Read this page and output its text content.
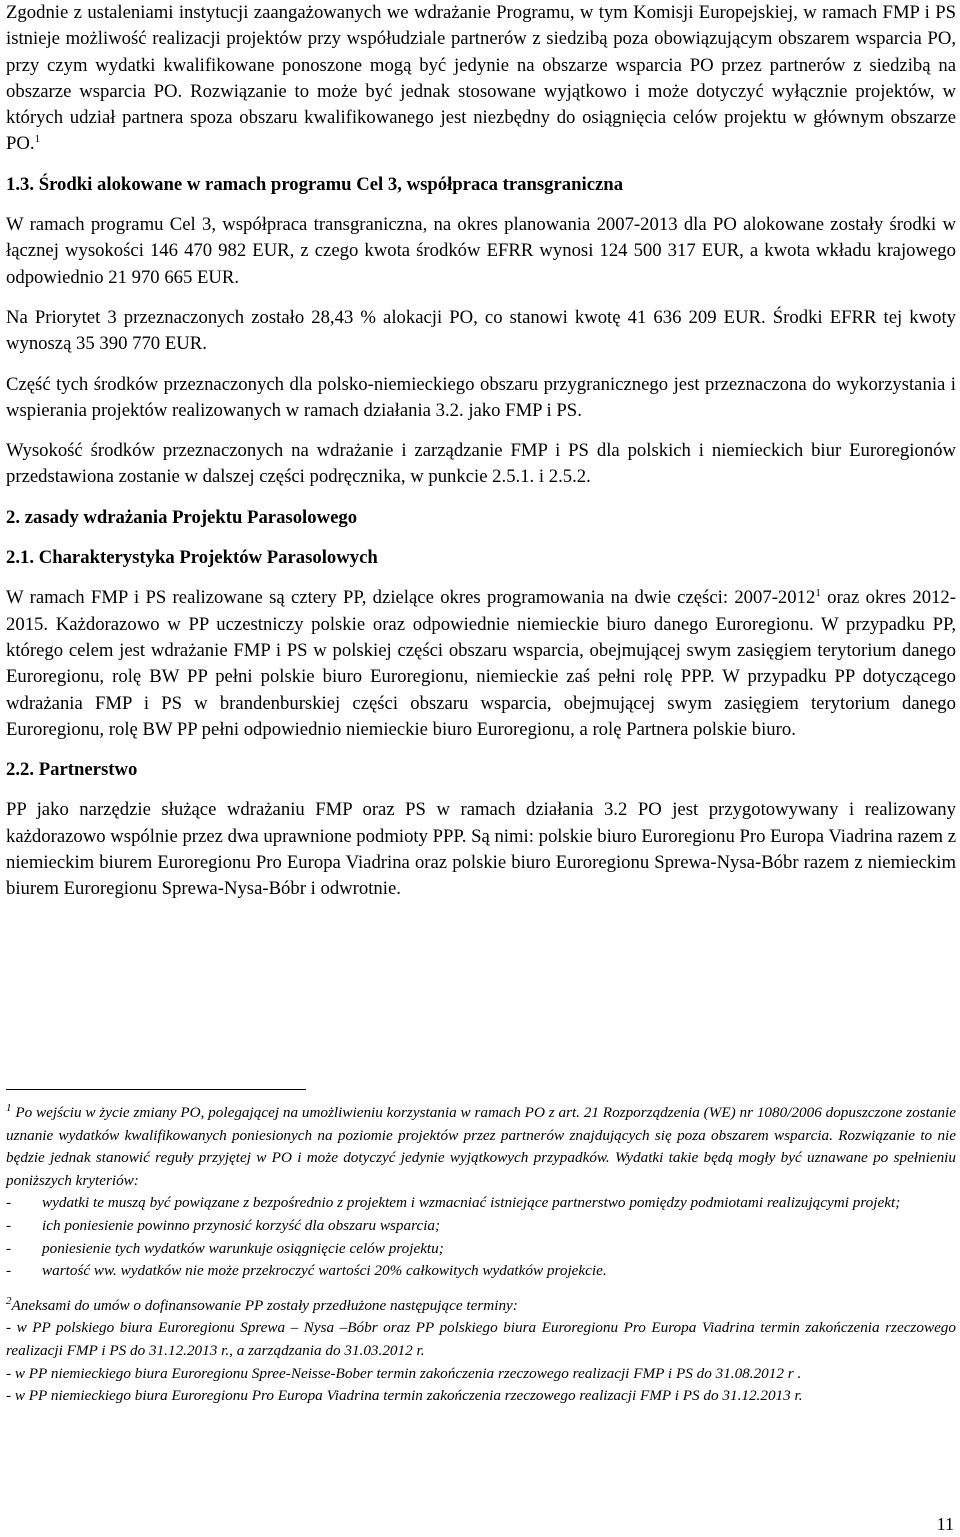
Zgodnie z ustaleniami instytucji zaangażowanych we wdrażanie Programu, w tym Komisji Europejskiej, w ramach FMP i PS istnieje możliwość realizacji projektów przy współudziale partnerów z siedzibą poza obowiązującym obszarem wsparcia PO, przy czym wydatki kwalifikowane ponoszone mogą być jedynie na obszarze wsparcia PO przez partnerów z siedzibą na obszarze wsparcia PO. Rozwiązanie to może być jednak stosowane wyjątkowo i może dotyczyć wyłącznie projektów, w których udział partnera spoza obszaru kwalifikowanego jest niezbędny do osiągnięcia celów projektu w głównym obszarze PO.$^1$

1.3. Środki alokowane w ramach programu Cel 3, współpraca transgraniczna

W ramach programu Cel 3, współpraca transgraniczna, na okres planowania 2007-2013 dla PO alokowane zostały środki w łącznej wysokości 146 470 982 EUR, z czego kwota środków EFRR wynosi 124 500 317 EUR, a kwota wkładu krajowego odpowiednio 21 970 665 EUR.

Na Priorytet 3 przeznaczonych zostało 28,43 % alokacji PO, co stanowi kwotę 41 636 209 EUR. Środki EFRR tej kwoty wynoszą 35 390 770 EUR.

Część tych środków przeznaczonych dla polsko-niemieckiego obszaru przygranicznego jest przeznaczona do wykorzystania i wspierania projektów realizowanych w ramach działania 3.2. jako FMP i PS.

Wysokość środków przeznaczonych na wdrażanie i zarządzanie FMP i PS dla polskich i niemieckich biur Euroregionów przedstawiona zostanie w dalszej części podręcznika, w punkcie 2.5.1. i 2.5.2.

2. zasady wdrażania Projektu Parasolowego
2.1. Charakterystyka Projektów Parasolowych

W ramach FMP i PS realizowane są cztery PP, dzielące okres programowania na dwie części: 2007-2012$^1$ oraz okres 2012-2015. Każdorazowo w PP uczestniczy polskie oraz odpowiednie niemieckie biuro danego Euroregionu. W przypadku PP, którego celem jest wdrażanie FMP i PS w polskiej części obszaru wsparcia, obejmującej swym zasięgiem terytorium danego Euroregionu, rolę BW PP pełni polskie biuro Euroregionu, niemieckie zaś pełni rolę PPP. W przypadku PP dotyczącego wdrażania FMP i PS w brandenburskiej części obszaru wsparcia, obejmującej swym zasięgiem terytorium danego Euroregionu, rolę BW PP pełni odpowiednio niemieckie biuro Euroregionu, a rolę Partnera polskie biuro.

2.2. Partnerstwo

PP jako narzędzie służące wdrażaniu FMP oraz PS w ramach działania 3.2 PO jest przygotowywany i realizowany każdorazowo wspólnie przez dwa uprawnione podmioty PPP. Są nimi: polskie biuro Euroregionu Pro Europa Viadrina razem z niemieckim biurem Euroregionu Pro Europa Viadrina oraz polskie biuro Euroregionu Sprewa-Nysa-Bóbr razem z niemieckim biurem Euroregionu Sprewa-Nysa-Bóbr i odwrotnie.

$^1$ Po wejściu w życie zmiany PO, polegającej na umożliwieniu korzystania w ramach PO z art. 21 Rozporządzenia (WE) nr 1080/2006 dopuszczone zostanie uznanie wydatków kwalifikowanych poniesionych na poziomie projektów przez partnerów znajdujących się poza obszarem wsparcia. Rozwiązanie to nie będzie jednak stanowić reguły przyjętej w PO i może dotyczyć jedynie wyjątkowych przypadków. Wydatki takie będą mogły być uznawane po spełnieniu poniższych kryteriów:

- wydatki te muszą być powiązane z bezpośrednio z projektem i wzmacniać istniejące partnerstwo pomiędzy podmiotami realizującymi projekt;

- ich poniesienie powinno przynosić korzyść dla obszaru wsparcia;

- poniesienie tych wydatków warunkuje osiągnięcie celów projektu;

- wartość ww. wydatków nie może przekroczyć wartości 20% całkowitych wydatków projekcie.

$^2$Aneksami do umów o dofinansowanie PP zostały przedłużone następujące terminy:

- w PP polskiego biura Euroregionu Sprewa – Nysa –Bóbr oraz PP polskiego biura Euroregionu Pro Europa Viadrina termin zakończenia rzeczowego realizacji FMP i PS do 31.12.2013 r., a zarządzania do 31.03.2012 r.

- w PP niemieckiego biura Euroregionu Spree-Neisse-Bober termin zakończenia rzeczowego realizacji FMP i PS do 31.08.2012 r .

- w PP niemieckiego biura Euroregionu Pro Europa Viadrina termin zakończenia rzeczowego realizacji FMP i PS do 31.12.2013 r.

11
